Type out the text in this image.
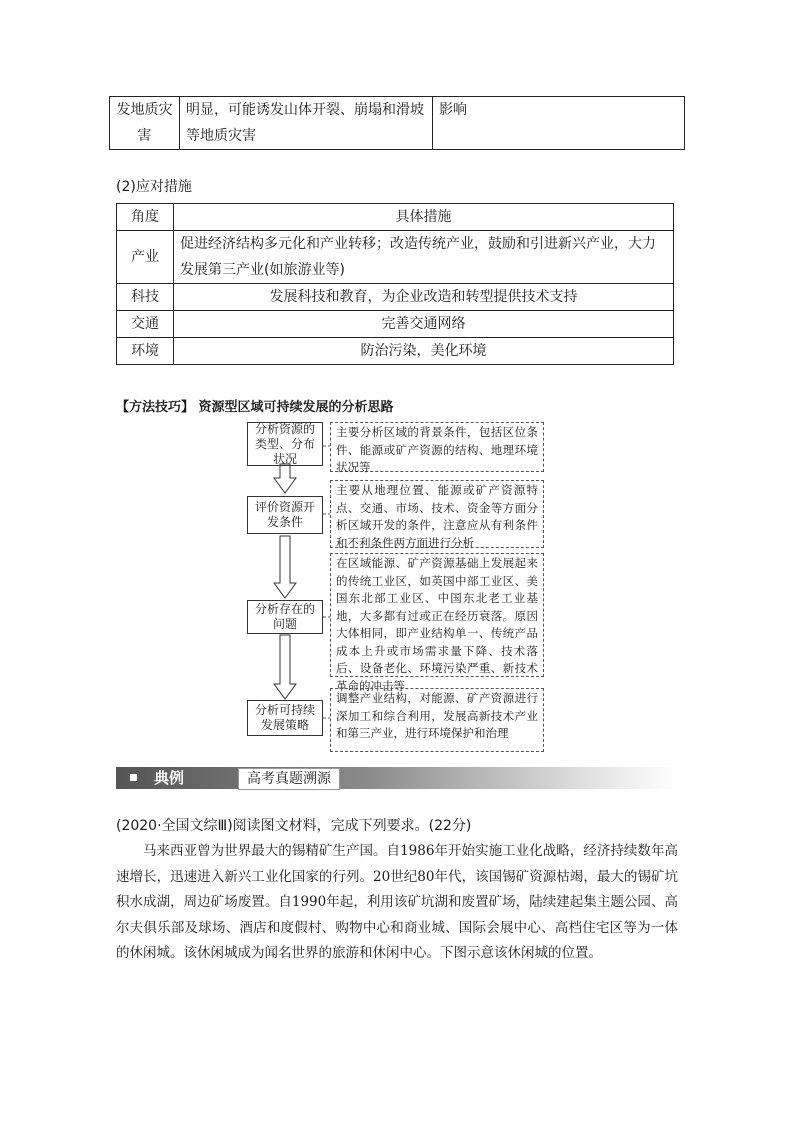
发地质灾害	明显，可能诱发山体开裂、崩塌和滑坡等地质灾害	影响
(2)应对措施
角度	具体措施
产业	促进经济结构多元化和产业转移；改造传统产业，鼓励和引进新兴产业，大力发展第三产业(如旅游业等)
科技	发展科技和教育，为企业改造和转型提供技术支持
交通	完善交通网络
环境	防治污染，美化环境
【方法技巧】 资源型区域可持续发展的分析思路
分析资源的类型、分布状况
主要分析区域的背景条件，包括区位条件、能源或矿产资源的结构、地理环境状况等
评价资源开发条件
主要从地理位置、能源或矿产资源特点、交通、市场、技术、资金等方面分析区域开发的条件，注意应从有利条件和不利条件两方面进行分析
分析存在的问题
在区域能源、矿产资源基础上发展起来的传统工业区，如英国中部工业区、美国东北部工业区、中国东北老工业基地，大多都有过或正在经历衰落。原因大体相同，即产业结构单一、传统产品成本上升或市场需求量下降、技术落后、设备老化、环境污染严重、新技术革命的冲击等
分析可持续发展策略
调整产业结构，对能源、矿产资源进行深加工和综合利用，发展高新技术产业和第三产业，进行环境保护和治理
典例	高考真题溯源
(2020·全国文综Ⅲ)阅读图文材料，完成下列要求。(22分)
马来西亚曾为世界最大的锡精矿生产国。自1986年开始实施工业化战略，经济持续数年高速增长，迅速进入新兴工业化国家的行列。20世纪80年代，该国锡矿资源枯竭，最大的锡矿坑积水成湖，周边矿场废置。自1990年起，利用该矿坑湖和废置矿场，陆续建起集主题公园、高尔夫俱乐部及球场、酒店和度假村、购物中心和商业城、国际会展中心、高档住宅区等为一体的休闲城。该休闲城成为闻名世界的旅游和休闲中心。下图示意该休闲城的位置。
